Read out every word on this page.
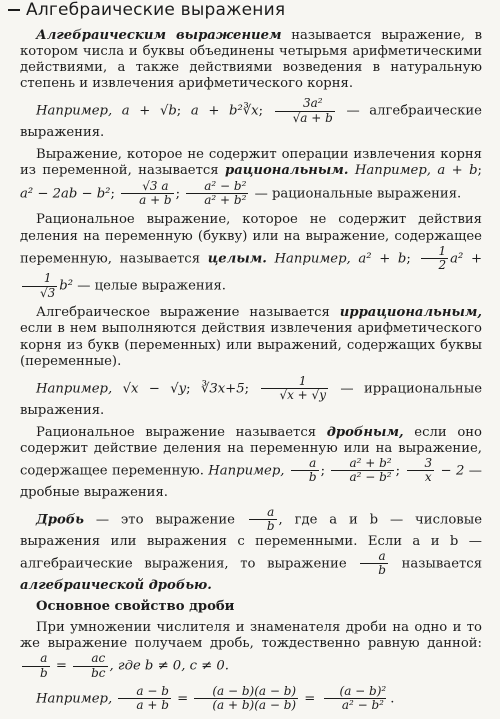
Алгебраические выражения

Алгебраическим выражением называется выражение, в котором числа и буквы объединены четырьмя арифметическими действиями, а также действиями возведения в натуральную степень и извлечения арифметического корня.

Например, a + √b; a + b²∛x; $\frac{\text{3a²}}{√a + b}$ — алгебраические выражения.

Выражение, которое не содержит операции извлечения корня из переменной, называется рациональным. Например, a + b; a² − 2ab − b²; $\frac{√3 a}{a + b}$ ; $\frac{\text{a² − b²}}{\text{a² + b²}}$ — рациональные выражения.

Рациональное выражение, которое не содержит действия деления на переменную (букву) или на выражение, содержащее переменную, называется целым. Например, a² + b; $\frac{1}{2} a^2$ +
$\frac{1}{√3} b^2$ — целые выражения.

Алгебраическое выражение называется иррациональным, если в нем выполняются действия извлечения арифметического корня из букв (переменных) или выражений, содержащих буквы (переменные).

Например, √x − √y; ∛3x+5; $\frac{1}{√x + √y}$ — иррациональные выражения.

Рациональное выражение называется дробным, если оно содержит действие деления на переменную или на выражение, содержащее переменную. Например, $\frac{a}{b}$ ; $\frac{\text{a² + b²}}{\text{a² − b²}}$ ; $\frac{3}{x} - 2$ — дробные выражения.

Дробь — это выражение $\frac{a}{b}$ , где a и b — числовые выражения или выражения с переменными. Если a и b — алгебраические выражения, то выражение $\frac{a}{b}$ называется алгебраической дробью.

Основное свойство дроби

При умножении числителя и знаменателя дроби на одно и то же выражение получаем дробь, тождественно равную данной:
$\frac{a}{b} = \frac{ac}{bc}$ , где b ≠ 0, c ≠ 0.

Например, $\frac{a - b}{a + b} = \frac{(a - b)(a - b)}{(a + b)(a - b)} = \frac{\text{(a − b)²}}{\text{a² − b²}}$ .
